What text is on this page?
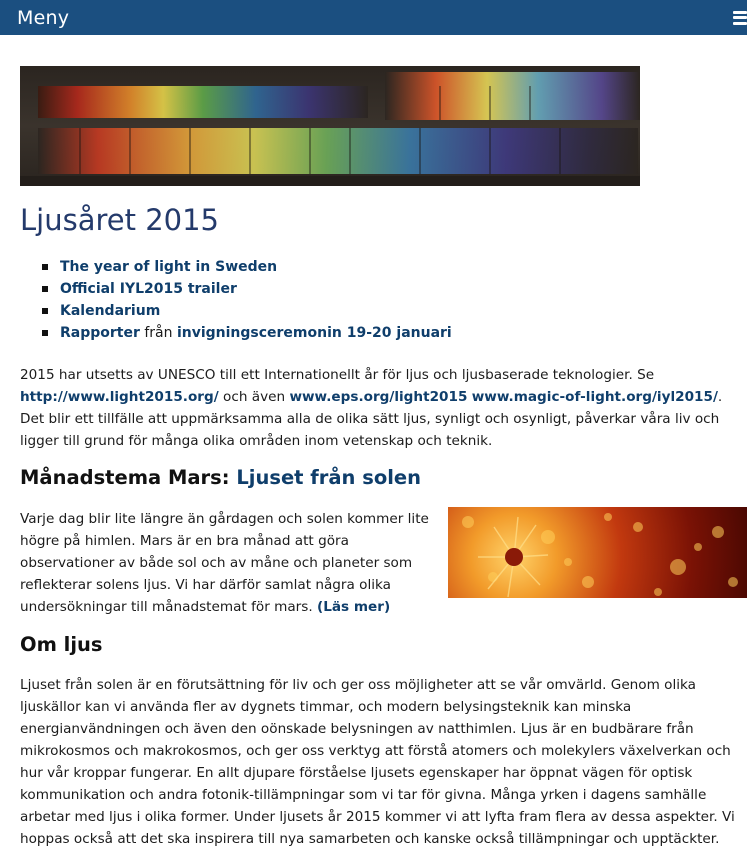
Meny
Ljusåret 2015
The year of light in Sweden
Official IYL2015 trailer
Kalendarium
Rapporter från invigningsceremonin 19-20 januari

2015 har utsetts av UNESCO till ett Internationellt år för ljus och ljusbaserade teknologier. Se http://www.light2015.org/ och även www.eps.org/light2015 www.magic-of-light.org/iyl2015/. Det blir ett tillfälle att uppmärksamma alla de olika sätt ljus, synligt och osynligt, påverkar våra liv och ligger till grund för många olika områden inom vetenskap och teknik.

Månadstema Mars: Ljuset från solen

Varje dag blir lite längre än gårdagen och solen kommer lite högre på himlen. Mars är en bra månad att göra observationer av både sol och av måne och planeter som reflekterar solens ljus. Vi har därför samlat några olika undersökningar till månadstemat för mars. (Läs mer)

Om ljus

Ljuset från solen är en förutsättning för liv och ger oss möjligheter att se vår omvärld. Genom olika ljuskällor kan vi använda fler av dygnets timmar, och modern belysingsteknik kan minska energianvändningen och även den oönskade belysningen av natthimlen. Ljus är en budbärare från mikrokosmos och makrokosmos, och ger oss verktyg att förstå atomers och molekylers växelverkan och hur vår kroppar fungerar. En allt djupare förståelse ljusets egenskaper har öppnat vägen för optisk kommunikation och andra fotonik-tillämpningar som vi tar för givna. Många yrken i dagens samhälle arbetar med ljus i olika former. Under ljusets år 2015 kommer vi att lyfta fram flera av dessa aspekter. Vi hoppas också att det ska inspirera till nya samarbeten och kanske också tillämpningar och upptäckter.
